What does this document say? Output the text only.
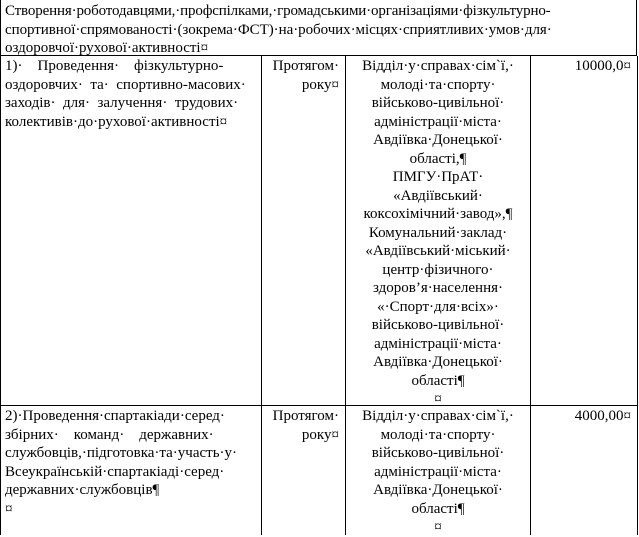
Створення·роботодавцями,·профспілками,·громадськими·організаціями·фізкультурно-
спортивної·спрямованості·(зокрема·ФСТ)·на·робочих·місцях·сприятливих·умов·для·
оздоровчої·рухової·активності¤
1)·    Проведення·    фізкультурно-
оздоровчих·  та·  спортивно-масових·
заходів·  для·  залучення·  трудових·
колективів·до·рухової·активності¤
Протягом·
року¤
Відділ·у·справах·сім`ї,·
молоді·та·спорту·
військово-цивільної·
адміністрації·міста·
Авдіївка·Донецької·
області,¶
ПМГУ·ПрАТ·
«Авдіївський·
коксохімічний·завод»,¶
Комунальний·заклад·
«Авдіївський·міський·
центр·фізичного·
здоров’я·населення·
«·Спорт·для·всіх»·
військово-цивільної·
адміністрації·міста·
Авдіївка·Донецької·
області¶
¤
10000,0¤
2)·Проведення·спартакіади·серед·
збірних·    команд·    державних·
службовців,·підготовка·та·участь·у·
Всеукраїнській·спартакіаді·серед·
державних·службовців¶
¤
Протягом·
року¤
Відділ·у·справах·сім`ї,·
молоді·та·спорту·
військово-цивільної·
адміністрації·міста·
Авдіївка·Донецької·
області¶
¤
4000,00¤
